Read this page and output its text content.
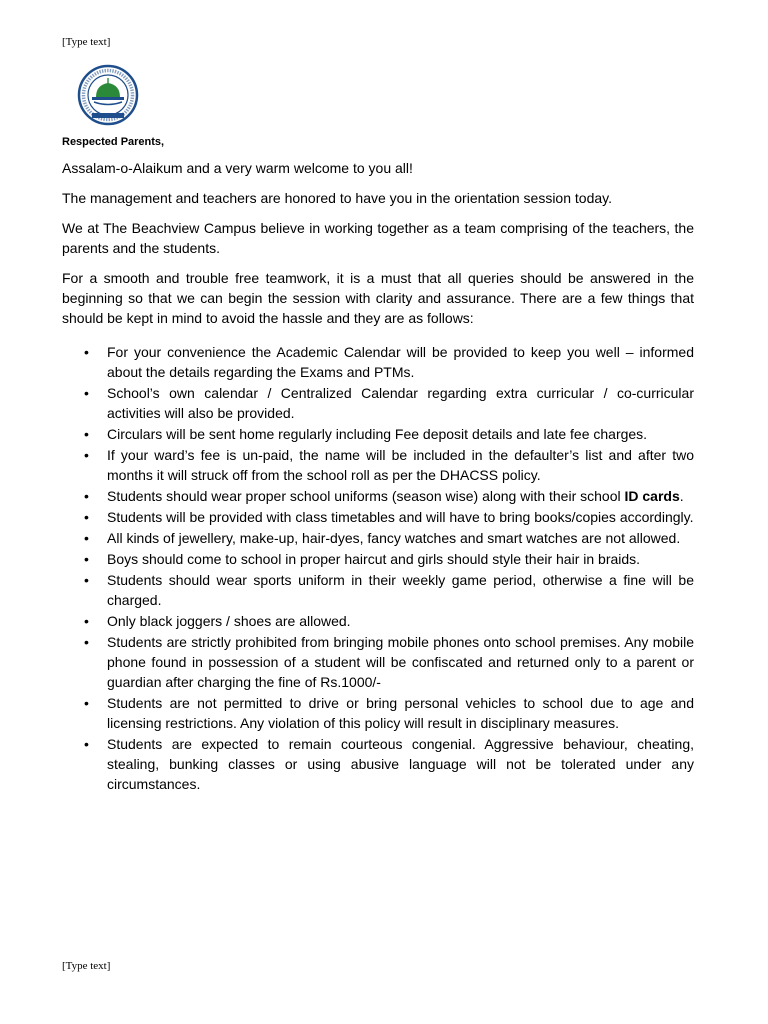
[Type text]

Respected Parents,

Assalam-o-Alaikum and a very warm welcome to you all!

The management and teachers are honored to have you in the orientation session today.

We at The Beachview Campus believe in working together as a team comprising of the teachers, the parents and the students.

For a smooth and trouble free teamwork, it is a must that all queries should be answered in the beginning so that we can begin the session with clarity and assurance. There are a few things that should be kept in mind to avoid the hassle and they are as follows:

• For your convenience the Academic Calendar will be provided to keep you well – informed about the details regarding the Exams and PTMs.
• School’s own calendar / Centralized Calendar regarding extra curricular / co-curricular activities will also be provided.
• Circulars will be sent home regularly including Fee deposit details and late fee charges.
• If your ward’s fee is un-paid, the name will be included in the defaulter’s list and after two months it will struck off from the school roll as per the DHACSS policy.
• Students should wear proper school uniforms (season wise) along with their school ID cards.
• Students will be provided with class timetables and will have to bring books/copies accordingly.
• All kinds of jewellery, make-up, hair-dyes, fancy watches and smart watches are not allowed.
• Boys should come to school in proper haircut and girls should style their hair in braids.
• Students should wear sports uniform in their weekly game period, otherwise a fine will be charged.
• Only black joggers / shoes are allowed.
• Students are strictly prohibited from bringing mobile phones onto school premises. Any mobile phone found in possession of a student will be confiscated and returned only to a parent or guardian after charging the fine of Rs.1000/-
• Students are not permitted to drive or bring personal vehicles to school due to age and licensing restrictions. Any violation of this policy will result in disciplinary measures.
• Students are expected to remain courteous congenial. Aggressive behaviour, cheating, stealing, bunking classes or using abusive language will not be tolerated under any circumstances.
[Type text]
